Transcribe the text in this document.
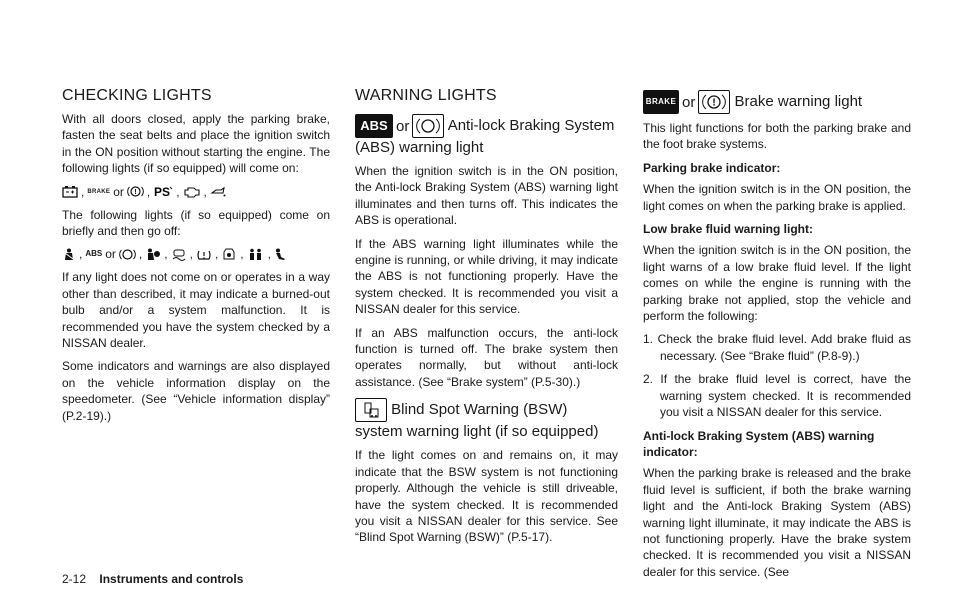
CHECKING LIGHTS

With all doors closed, apply the parking brake, fasten the seat belts and place the ignition switch in the ON position without starting the engine. The following lights (if so equipped) will come on:

, BRAKE or ! , PS , ,

The following lights (if so equipped) come on briefly and then go off:

, ABS or , , , , , ,

If any light does not come on or operates in a way other than described, it may indicate a burned-out bulb and/or a system malfunction. It is recommended you have the system checked by a NISSAN dealer.

Some indicators and warnings are also displayed on the vehicle information display on the speedometer. (See “Vehicle information display” (P.2-19).)

WARNING LIGHTS
ABS or	Anti-lock Braking System (ABS) warning light

When the ignition switch is in the ON position, the Anti-lock Braking System (ABS) warning light illuminates and then turns off. This indicates the ABS is operational.

If the ABS warning light illuminates while the engine is running, or while driving, it may indicate the ABS is not functioning properly. Have the system checked. It is recommended you visit a NISSAN dealer for this service.

If an ABS malfunction occurs, the anti-lock function is turned off. The brake system then operates normally, but without anti-lock assistance. (See “Brake system” (P.5-30).)

Blind Spot Warning (BSW) system warning light (if so equipped)

If the light comes on and remains on, it may indicate that the BSW system is not functioning properly. Although the vehicle is still driveable, have the system checked. It is recommended you visit a NISSAN dealer for this service. See “Blind Spot Warning (BSW)” (P.5-17).

BRAKE or ! Brake warning light

This light functions for both the parking brake and the foot brake systems.

Parking brake indicator:

When the ignition switch is in the ON position, the light comes on when the parking brake is applied.

Low brake fluid warning light:

When the ignition switch is in the ON position, the light warns of a low brake fluid level. If the light comes on while the engine is running with the parking brake not applied, stop the vehicle and perform the following:

1. Check the brake fluid level. Add brake fluid as necessary. (See “Brake fluid” (P.8-9).)
2. If the brake fluid level is correct, have the warning system checked. It is recommended you visit a NISSAN dealer for this service.
Anti-lock Braking System (ABS) warning indicator:

When the parking brake is released and the brake fluid level is sufficient, if both the brake warning light and the Anti-lock Braking System (ABS) warning light illuminate, it may indicate the ABS is not functioning properly. Have the brake system checked. It is recommended you visit a NISSAN dealer for this service. (See

2-12 Instruments and controls
